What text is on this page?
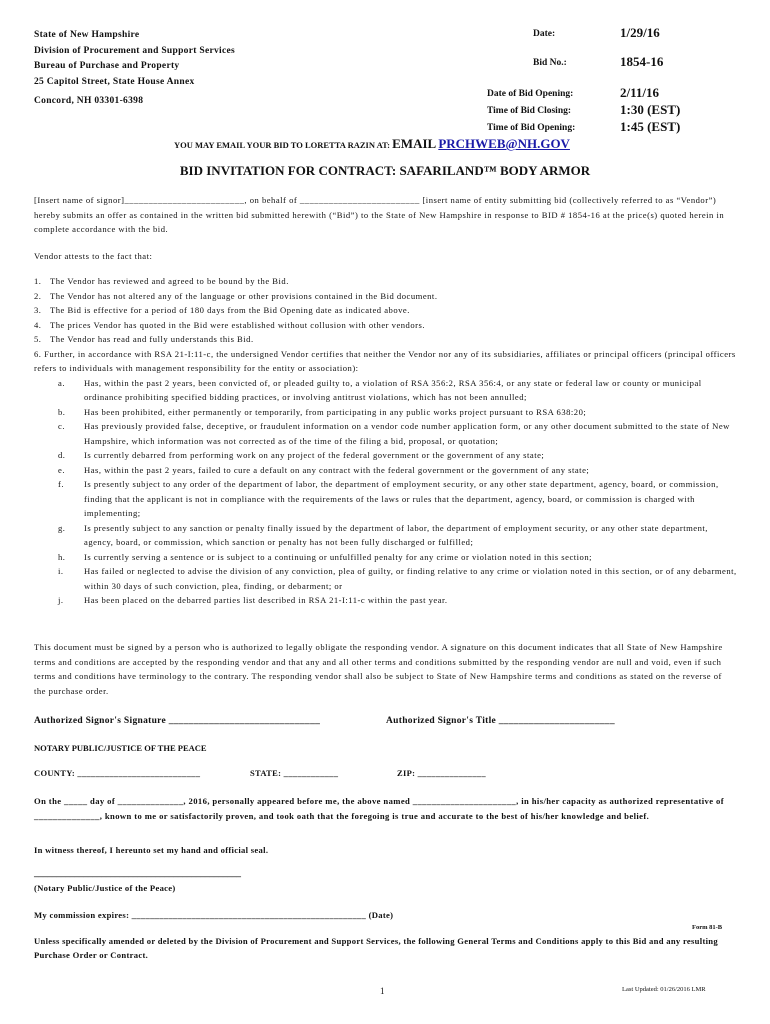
State of New Hampshire
Division of Procurement and Support Services
Bureau of Purchase and Property
25 Capitol Street, State House Annex
Concord, NH 03301-6398
Date:	1/29/16
Bid No.:	1854-16
Date of Bid Opening:	2/11/16
Time of Bid Closing:	1:30 (EST)
Time of Bid Opening:	1:45 (EST)
YOU MAY EMAIL YOUR BID TO LORETTA RAZIN AT: EMAIL PRCHWEB@NH.GOV
BID INVITATION FOR CONTRACT: SAFARILAND™ BODY ARMOR
[Insert name of signor]_________________________, on behalf of _________________________ [insert name of entity submitting bid (collectively referred to as “Vendor”) hereby submits an offer as contained in the written bid submitted herewith (“Bid”) to the State of New Hampshire in response to BID # 1854-16 at the price(s) quoted herein in complete accordance with the bid.
Vendor attests to the fact that:
1. The Vendor has reviewed and agreed to be bound by the Bid.
2. The Vendor has not altered any of the language or other provisions contained in the Bid document.
3. The Bid is effective for a period of 180 days from the Bid Opening date as indicated above.
4. The prices Vendor has quoted in the Bid were established without collusion with other vendors.
5. The Vendor has read and fully understands this Bid.
6. Further, in accordance with RSA 21-I:11-c, the undersigned Vendor certifies that neither the Vendor nor any of its subsidiaries, affiliates or principal officers (principal officers refers to individuals with management responsibility for the entity or association):
a. Has, within the past 2 years, been convicted of, or pleaded guilty to, a violation of RSA 356:2, RSA 356:4, or any state or federal law or county or municipal ordinance prohibiting specified bidding practices, or involving antitrust violations, which has not been annulled;
b. Has been prohibited, either permanently or temporarily, from participating in any public works project pursuant to RSA 638:20;
c. Has previously provided false, deceptive, or fraudulent information on a vendor code number application form, or any other document submitted to the state of New Hampshire, which information was not corrected as of the time of the filing a bid, proposal, or quotation;
d. Is currently debarred from performing work on any project of the federal government or the government of any state;
e. Has, within the past 2 years, failed to cure a default on any contract with the federal government or the government of any state;
f. Is presently subject to any order of the department of labor, the department of employment security, or any other state department, agency, board, or commission, finding that the applicant is not in compliance with the requirements of the laws or rules that the department, agency, board, or commission is charged with implementing;
g. Is presently subject to any sanction or penalty finally issued by the department of labor, the department of employment security, or any other state department, agency, board, or commission, which sanction or penalty has not been fully discharged or fulfilled;
h. Is currently serving a sentence or is subject to a continuing or unfulfilled penalty for any crime or violation noted in this section;
i. Has failed or neglected to advise the division of any conviction, plea of guilty, or finding relative to any crime or violation noted in this section, or of any debarment, within 30 days of such conviction, plea, finding, or debarment; or
j. Has been placed on the debarred parties list described in RSA 21-I:11-c within the past year.
This document must be signed by a person who is authorized to legally obligate the responding vendor. A signature on this document indicates that all State of New Hampshire terms and conditions are accepted by the responding vendor and that any and all other terms and conditions submitted by the responding vendor are null and void, even if such terms and conditions have terminology to the contrary. The responding vendor shall also be subject to State of New Hampshire terms and conditions as stated on the reverse of the purchase order.
Authorized Signor's Signature ______________________________	Authorized Signor's Title _______________________
NOTARY PUBLIC/JUSTICE OF THE PEACE
COUNTY: ___________________________	STATE: ____________	ZIP: _______________
On the _____ day of ______________, 2016, personally appeared before me, the above named ______________________, in his/her capacity as authorized representative of ______________, known to me or satisfactorily proven, and took oath that the foregoing is true and accurate to the best of his/her knowledge and belief.
In witness thereof, I hereunto set my hand and official seal.
______________________________________________
(Notary Public/Justice of the Peace)
My commission expires: ___________________________________________________ (Date)
Form 81-B
Unless specifically amended or deleted by the Division of Procurement and Support Services, the following General Terms and Conditions apply to this Bid and any resulting Purchase Order or Contract.
1	Last Updated: 01/26/2016 LMR
